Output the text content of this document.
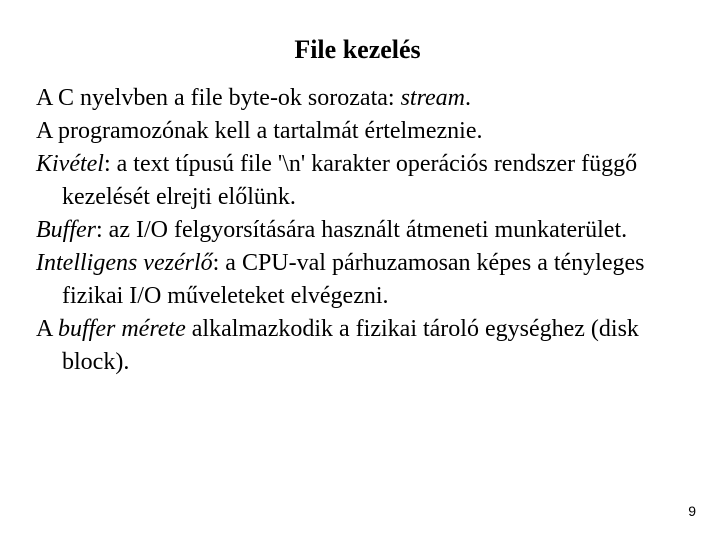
File kezelés

A C nyelvben a file byte-ok sorozata: stream.

A programozónak kell a tartalmát értelmeznie.

Kivétel: a text típusú file '\n' karakter operációs rendszer függő kezelését elrejti előlünk.

Buffer: az I/O felgyorsítására használt átmeneti munkaterület.

Intelligens vezérlő: a CPU-val párhuzamosan képes a tényleges fizikai I/O műveleteket elvégezni.

A buffer mérete alkalmazkodik a fizikai tároló egységhez (disk block).

9
